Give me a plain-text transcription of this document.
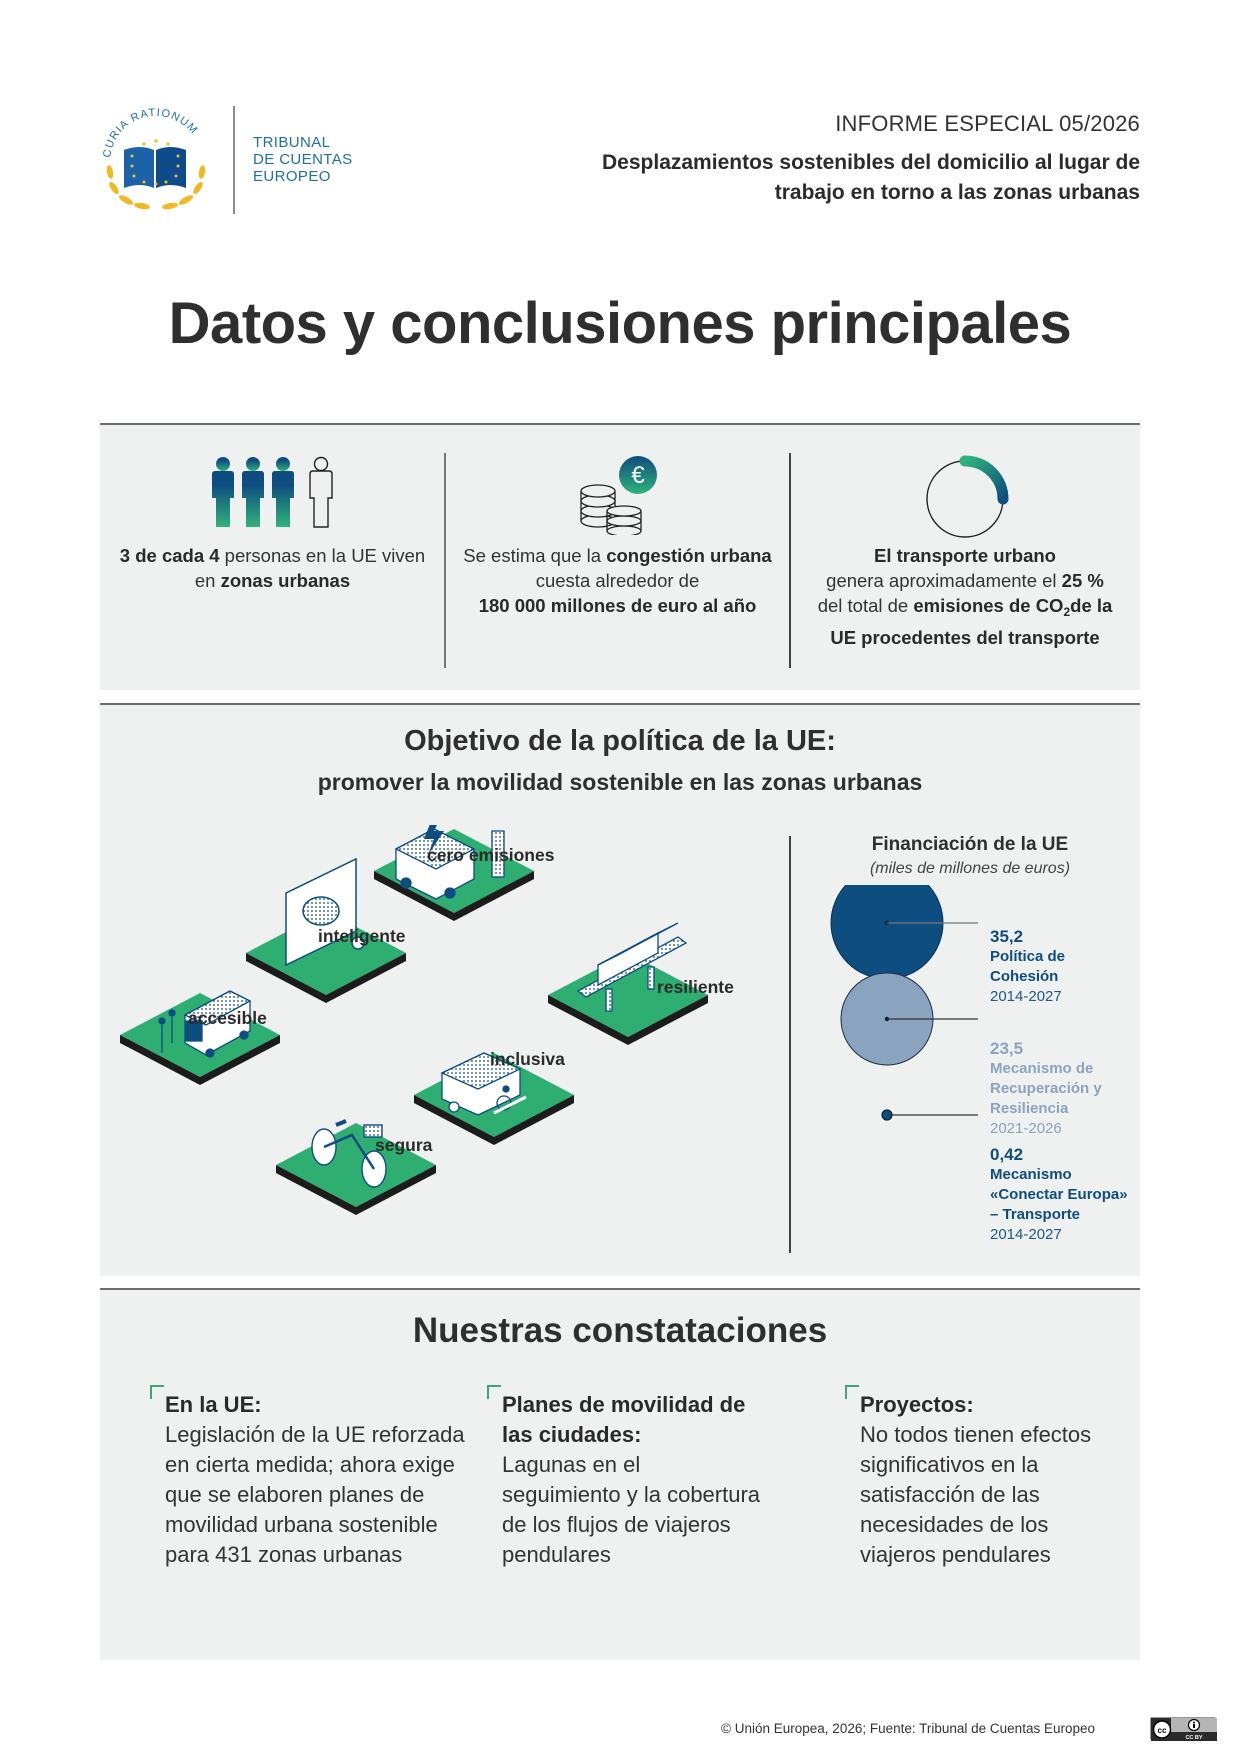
CURIA RATIONUM
TRIBUNAL
DE CUENTAS
EUROPEO
INFORME ESPECIAL 05/2026
Desplazamientos sostenibles del domicilio al lugar de trabajo en torno a las zonas urbanas
Datos y conclusiones principales
3 de cada 4 personas en la UE viven en zonas urbanas
€
Se estima que la congestión urbana
cuesta alrededor de
180 000 millones de euro al año
El transporte urbano
genera aproximadamente el 25 %
del total de emisiones de $CO_2de$ la
UE procedentes del transporte
Objetivo de la política de la UE:
promover la movilidad sostenible en las zonas urbanas
cero emisiones
inteligente
accesible
resiliente
inclusiva
segura
Financiación de la UE
(miles de millones de euros)
35,2
Política de
Cohesión
2014-2027
23,5
Mecanismo de
Recuperación y
Resiliencia
2021-2026
0,42
Mecanismo
«Conectar Europa»
– Transporte
2014-2027
Nuestras constataciones
En la UE:
Legislación de la UE reforzada en cierta medida; ahora exige que se elaboren planes de movilidad urbana sostenible para 431 zonas urbanas
Planes de movilidad de las ciudades:
Lagunas en el seguimiento y la cobertura de los flujos de viajeros pendulares
Proyectos:
No todos tienen efectos significativos en la satisfacción de las necesidades de los viajeros pendulares
© Unión Europea, 2026; Fuente: Tribunal de Cuentas Europeo	cc
CC BY
